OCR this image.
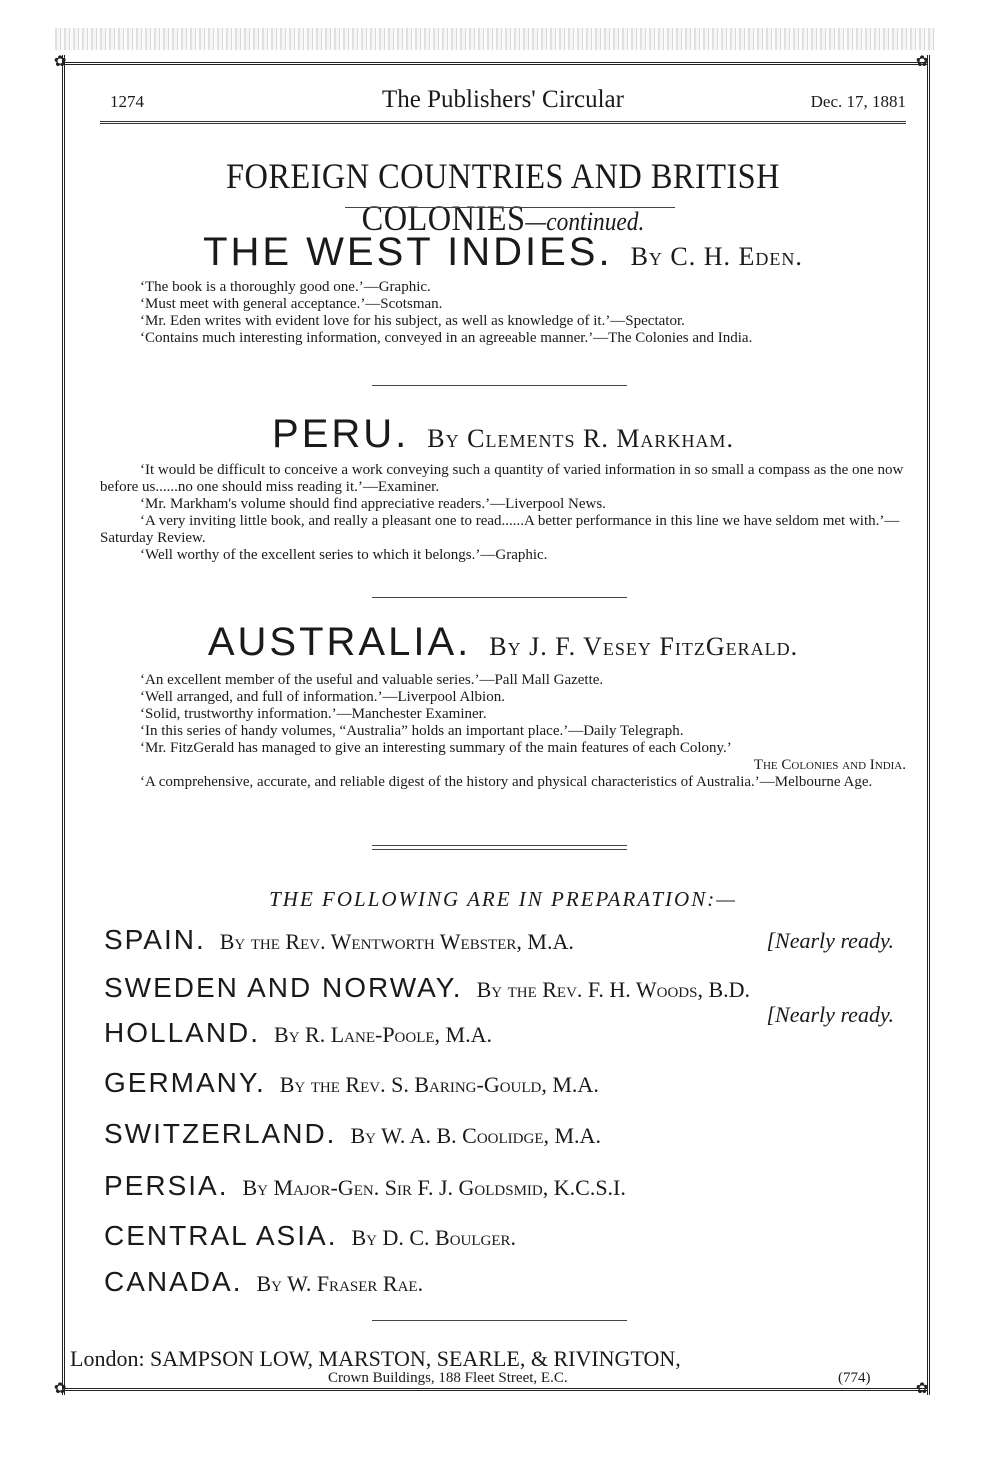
✿	✿
✿	✿
1274	The Publishers' Circular	Dec. 17, 1881
FOREIGN COUNTRIES AND BRITISH COLONIES—continued.
THE WEST INDIES. By C. H. Eden.

‘The book is a thoroughly good one.’—Graphic.

‘Must meet with general acceptance.’—Scotsman.

‘Mr. Eden writes with evident love for his subject, as well as knowledge of it.’—Spectator.

‘Contains much interesting information, conveyed in an agreeable manner.’—The Colonies and India.

PERU. By Clements R. Markham.

‘It would be difficult to conceive a work conveying such a quantity of varied information in so small a compass as the one now before us......no one should miss reading it.’—Examiner.

‘Mr. Markham's volume should find appreciative readers.’—Liverpool News.

‘A very inviting little book, and really a pleasant one to read......A better performance in this line we have seldom met with.’—Saturday Review.

‘Well worthy of the excellent series to which it belongs.’—Graphic.

AUSTRALIA. By J. F. Vesey FitzGerald.

‘An excellent member of the useful and valuable series.’—Pall Mall Gazette.

‘Well arranged, and full of information.’—Liverpool Albion.

‘Solid, trustworthy information.’—Manchester Examiner.

‘In this series of handy volumes, “Australia” holds an important place.’—Daily Telegraph.

‘Mr. FitzGerald has managed to give an interesting summary of the main features of each Colony.’

The Colonies and India.

‘A comprehensive, accurate, and reliable digest of the history and physical characteristics of Australia.’—Melbourne Age.

THE FOLLOWING ARE IN PREPARATION:—
SPAIN. By the Rev. Wentworth Webster, M.A.	[Nearly ready.
SWEDEN AND NORWAY. By the Rev. F. H. Woods, B.D.
[Nearly ready.
HOLLAND. By R. Lane-Poole, M.A.
GERMANY. By the Rev. S. Baring-Gould, M.A.
SWITZERLAND. By W. A. B. Coolidge, M.A.
PERSIA. By Major-Gen. Sir F. J. Goldsmid, K.C.S.I.
CENTRAL ASIA. By D. C. Boulger.
CANADA. By W. Fraser Rae.
London: SAMPSON LOW, MARSTON, SEARLE, & RIVINGTON,
Crown Buildings, 188 Fleet Street, E.C.	(774)
